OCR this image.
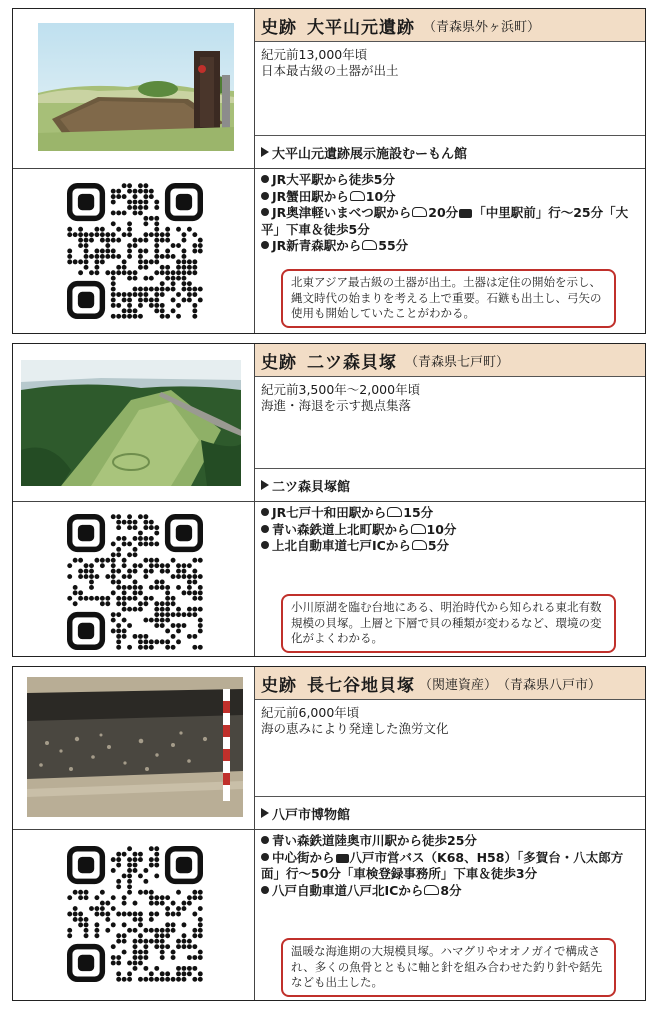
史跡 大平山元遺跡 （青森県外ヶ浜町）
紀元前13,000年頃
日本最古級の土器が出土
大平山元遺跡展示施設むーもん館
JR大平駅から徒歩5分
JR蟹田駅から 10分
JR奥津軽いまべつ駅から 20分 「中里駅前」行～25分「大平」下車＆徒歩5分
JR新青森駅から 55分
北東アジア最古級の土器が出土。土器は定住の開始を示し、縄文時代の始まりを考える上で重要。石鏃も出土し、弓矢の使用も開始していたことがわかる。
史跡 二ツ森貝塚 （青森県七戸町）
紀元前3,500年～2,000年頃
海進・海退を示す拠点集落
二ツ森貝塚館
JR七戸十和田駅から 15分
青い森鉄道上北町駅から 10分
上北自動車道七戸ICから 5分
小川原湖を臨む台地にある、明治時代から知られる東北有数規模の貝塚。上層と下層で貝の種類が変わるなど、環境の変化がよくわかる。
史跡 長七谷地貝塚 （関連資産） （青森県八戸市）
紀元前6,000年頃
海の恵みにより発達した漁労文化
八戸市博物館
青い森鉄道陸奥市川駅から徒歩25分
中心街から 八戸市営バス（K68、H58）「多賀台・八太郎方面」行～50分「車検登録事務所」下車＆徒歩3分
八戸自動車道八戸北ICから 8分
温暖な海進期の大規模貝塚。ハマグリやオオノガイで構成され、多くの魚骨とともに軸と針を組み合わせた釣り針や銛先なども出土した。
